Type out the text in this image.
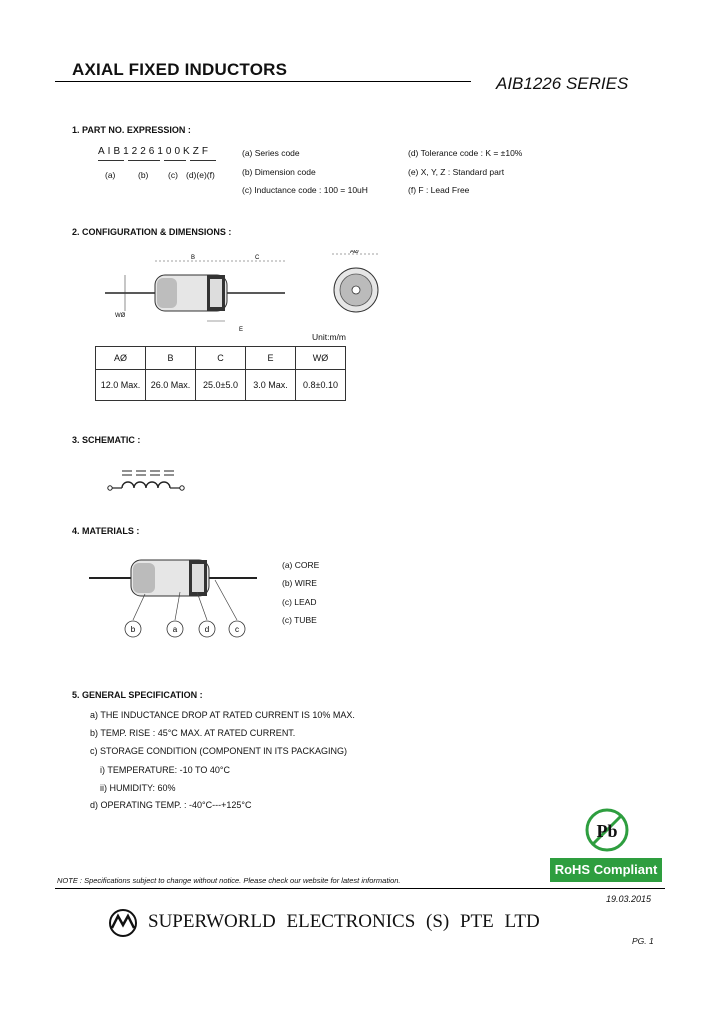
AXIAL FIXED INDUCTORS
AIB1226 SERIES
1. PART NO. EXPRESSION :
AIB1226100KZF
(a)	(b) (c) (d)(e)(f)
(a) Series code
(b) Dimension code
(c) Inductance code : 100 = 10uH
(d) Tolerance code : K = ±10%
(e) X, Y, Z : Standard part
(f) F : Lead Free
2. CONFIGURATION & DIMENSIONS :
B	C
WØ
E
AØ
Unit:m/m
AØ	B	C	E	WØ
12.0 Max.	26.0 Max.	25.0±5.0	3.0 Max.	0.8±0.10
3. SCHEMATIC :
4. MATERIALS :
b	a	d	c
(a) CORE
(b) WIRE
(c) LEAD
(c) TUBE
5. GENERAL SPECIFICATION :
a) THE INDUCTANCE DROP AT RATED CURRENT IS 10% MAX.
b) TEMP. RISE : 45°C MAX. AT RATED CURRENT.
c) STORAGE CONDITION (COMPONENT IN ITS PACKAGING)
i) TEMPERATURE: -10 TO 40°C
ii) HUMIDITY: 60%
d) OPERATING TEMP. : -40°C---+125°C
Pb
RoHS Compliant
NOTE : Specifications subject to change without notice. Please check our website for latest information.
19.03.2015
SUPERWORLD ELECTRONICS (S) PTE LTD
PG. 1
